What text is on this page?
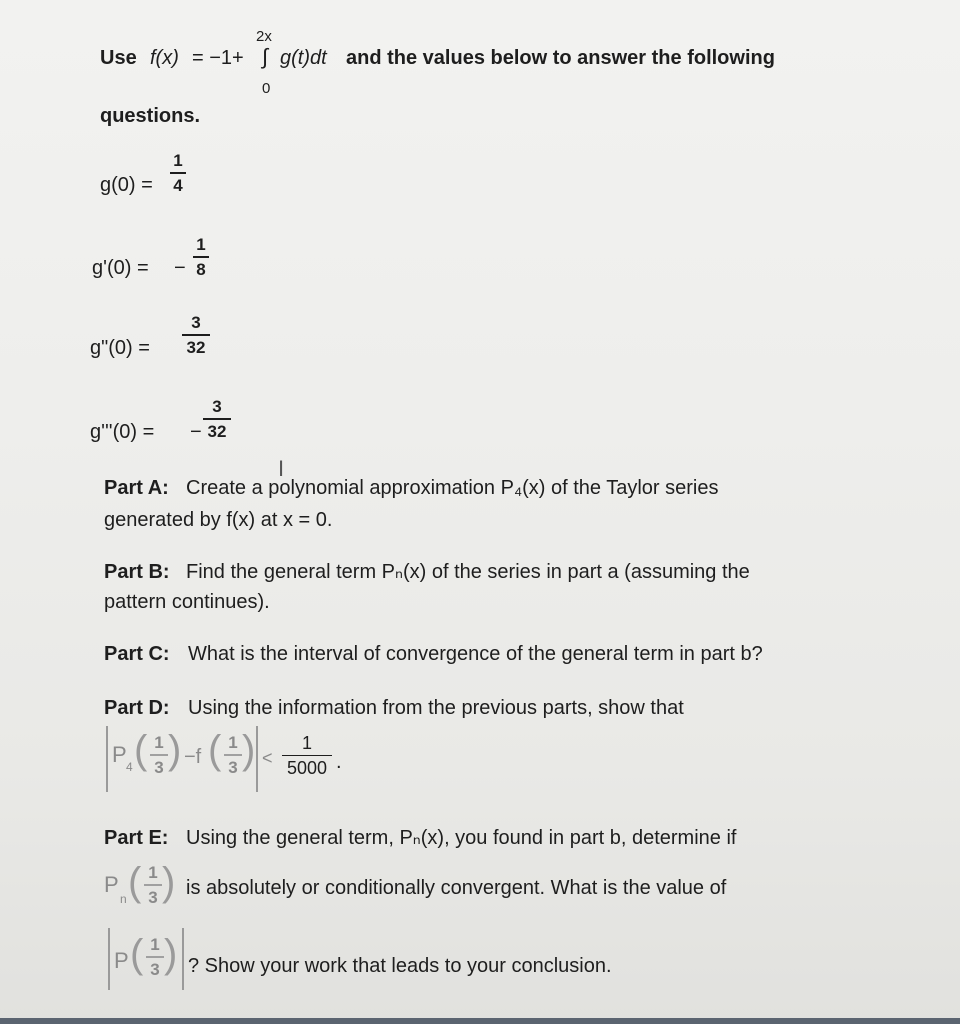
Use f(x) = −1+
2x
∫
0
g(t)dt and the values below to answer the following
questions.
g(0) =
1
4
g'(0) = −
1
8
g"(0) =
3
32
g'''(0) = −
3
32
I
Part A: Create a polynomial approximation P₄(x) of the Taylor series
generated by f(x) at x = 0.
Part B: Find the general term Pₙ(x) of the series in part a (assuming the
pattern continues).
Part C: What is the interval of convergence of the general term in part b?
Part D: Using the information from the previous parts, show that
P 4 ( 1
3 ) −f ( 1
3 ) <
1
5000 .
Part E: Using the general term, Pₙ(x), you found in part b, determine if
P
n ( 1
3 ) is absolutely or conditionally convergent. What is the value of
P ( 1
3 ) ? Show your work that leads to your conclusion.
